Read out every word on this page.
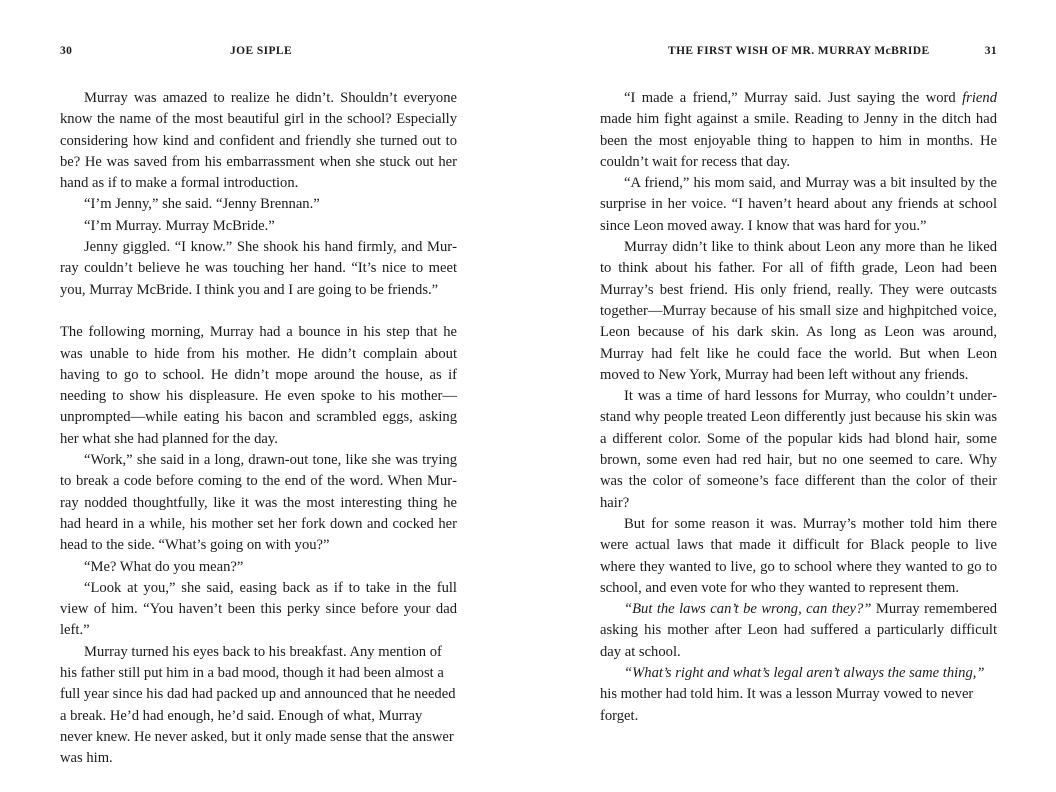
30	JOE SIPLE

Murray was amazed to realize he didn’t. Shouldn’t everyone know the name of the most beautiful girl in the school? Especially considering how kind and confident and friendly she turned out to be? He was saved from his embarrassment when she stuck out her hand as if to make a formal introduction.

“I’m Jenny,” she said. “Jenny Brennan.”

“I’m Murray. Murray McBride.”

Jenny giggled. “I know.” She shook his hand firmly, and Murray couldn’t believe he was touching her hand. “It’s nice to meet you, Murray McBride. I think you and I are going to be friends.”

The following morning, Murray had a bounce in his step that he was unable to hide from his mother. He didn’t complain about having to go to school. He didn’t mope around the house, as if needing to show his displeasure. He even spoke to his mother— unprompted—while eating his bacon and scrambled eggs, asking her what she had planned for the day.

“Work,” she said in a long, drawn-out tone, like she was trying to break a code before coming to the end of the word. When Murray nodded thoughtfully, like it was the most interesting thing he had heard in a while, his mother set her fork down and cocked her head to the side. “What’s going on with you?”

“Me? What do you mean?”

“Look at you,” she said, easing back as if to take in the full view of him. “You haven’t been this perky since before your dad left.”

Murray turned his eyes back to his breakfast. Any mention of his father still put him in a bad mood, though it had been almost a full year since his dad had packed up and announced that he needed a break. He’d had enough, he’d said. Enough of what, Murray never knew. He never asked, but it only made sense that the answer was him.

THE FIRST WISH OF MR. MURRAY McBRIDE	31

“I made a friend,” Murray said. Just saying the word friend made him fight against a smile. Reading to Jenny in the ditch had been the most enjoyable thing to happen to him in months. He couldn’t wait for recess that day.

“A friend,” his mom said, and Murray was a bit insulted by the surprise in her voice. “I haven’t heard about any friends at school since Leon moved away. I know that was hard for you.”

Murray didn’t like to think about Leon any more than he liked to think about his father. For all of fifth grade, Leon had been Murray’s best friend. His only friend, really. They were outcasts together—Murray because of his small size and highpitched voice, Leon because of his dark skin. As long as Leon was around, Murray had felt like he could face the world. But when Leon moved to New York, Murray had been left without any friends.

It was a time of hard lessons for Murray, who couldn’t understand why people treated Leon differently just because his skin was a different color. Some of the popular kids had blond hair, some brown, some even had red hair, but no one seemed to care. Why was the color of someone’s face different than the color of their hair?

But for some reason it was. Murray’s mother told him there were actual laws that made it difficult for Black people to live where they wanted to live, go to school where they wanted to go to school, and even vote for who they wanted to represent them.

“But the laws can’t be wrong, can they?” Murray remembered asking his mother after Leon had suffered a particularly difficult day at school.

“What’s right and what’s legal aren’t always the same thing,” his mother had told him. It was a lesson Murray vowed to never forget.
